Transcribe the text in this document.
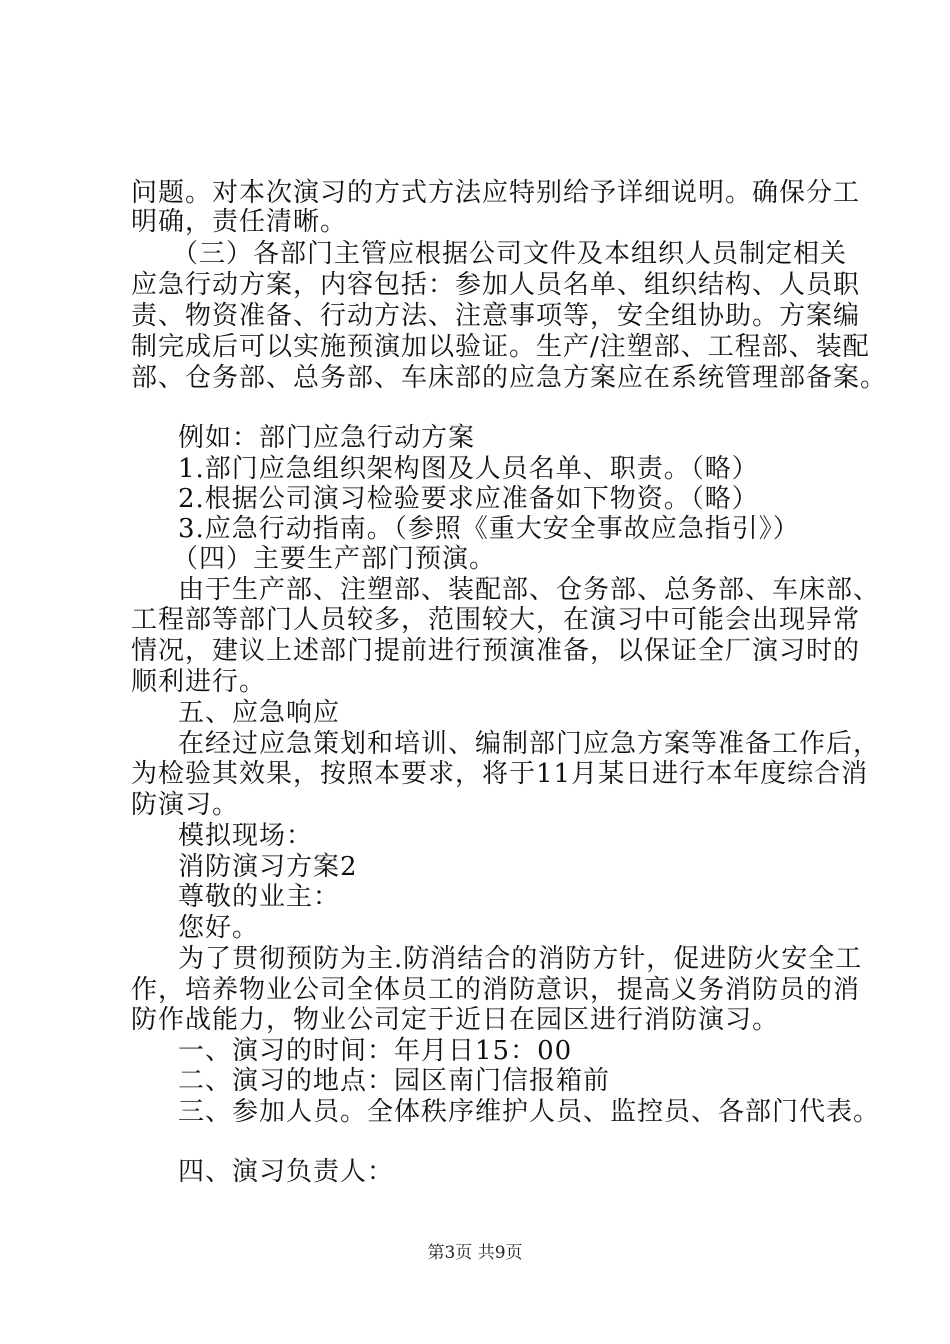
问题。对本次演习的方式方法应特别给予详细说明。确保分工
明确，责任清晰。
（三）各部门主管应根据公司文件及本组织人员制定相关
应急行动方案，内容包括：参加人员名单、组织结构、人员职
责、物资准备、行动方法、注意事项等，安全组协助。方案编
制完成后可以实施预演加以验证。生产/注塑部、工程部、装配
部、仓务部、总务部、车床部的应急方案应在系统管理部备案。
例如：部门应急行动方案
1.部门应急组织架构图及人员名单、职责。（略）
2.根据公司演习检验要求应准备如下物资。（略）
3.应急行动指南。（参照《重大安全事故应急指引》）
（四）主要生产部门预演。
由于生产部、注塑部、装配部、仓务部、总务部、车床部、
工程部等部门人员较多，范围较大，在演习中可能会出现异常
情况，建议上述部门提前进行预演准备，以保证全厂演习时的
顺利进行。
五、应急响应
在经过应急策划和培训、编制部门应急方案等准备工作后，
为检验其效果，按照本要求，将于11月某日进行本年度综合消
防演习。
模拟现场：
消防演习方案2
尊敬的业主：
您好。
为了贯彻预防为主.防消结合的消防方针，促进防火安全工
作，培养物业公司全体员工的消防意识，提高义务消防员的消
防作战能力，物业公司定于近日在园区进行消防演习。
一、演习的时间：年月日15：00
二、演习的地点：园区南门信报箱前
三、参加人员。全体秩序维护人员、监控员、各部门代表。
四、演习负责人：
第3页 共9页
